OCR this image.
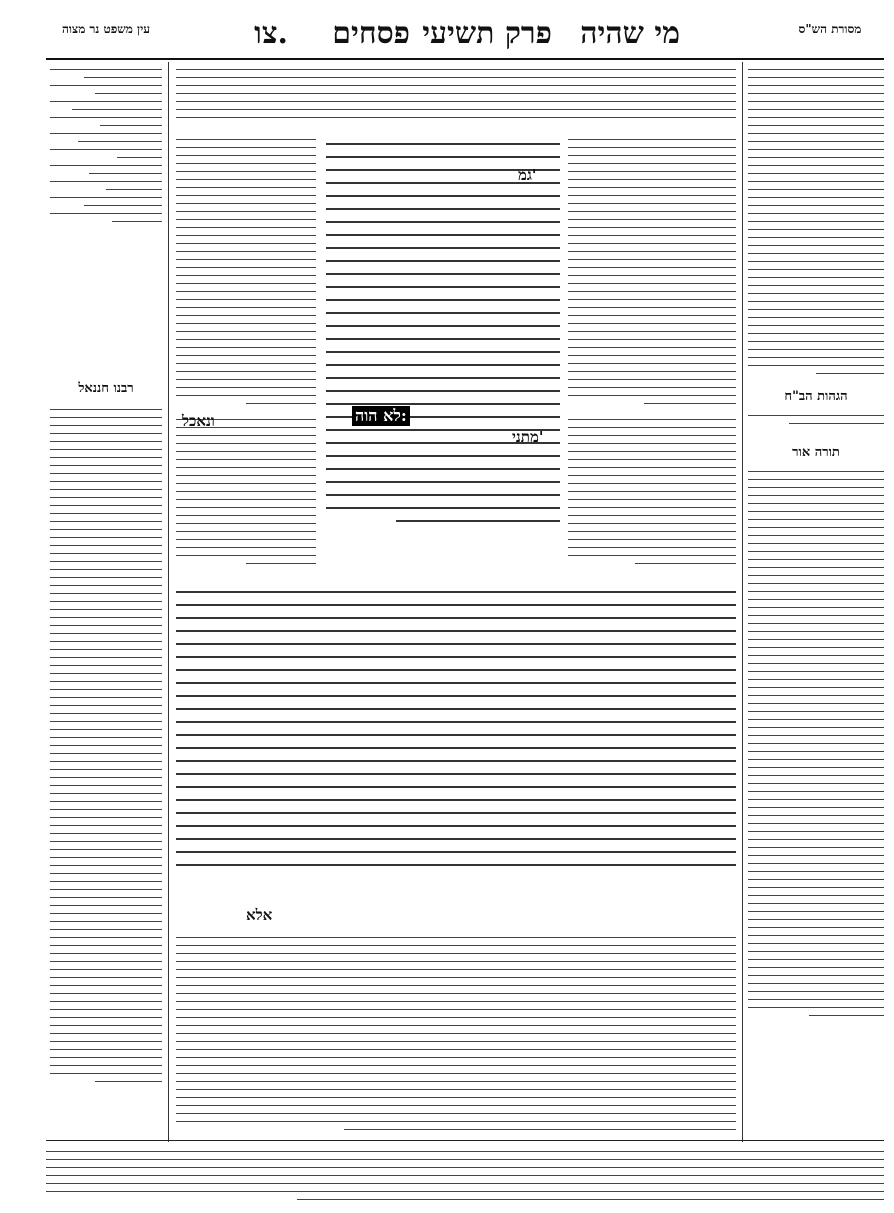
עין משפט נר מצוה	מסורת הש"ס
מי שהיה
פרק תשיעי
פסחים
צו.
לא הוה:
מתני'
גמ'
אלא
ונאכל
רבנו חננאל
הגהות הב"ח
תורה אור
